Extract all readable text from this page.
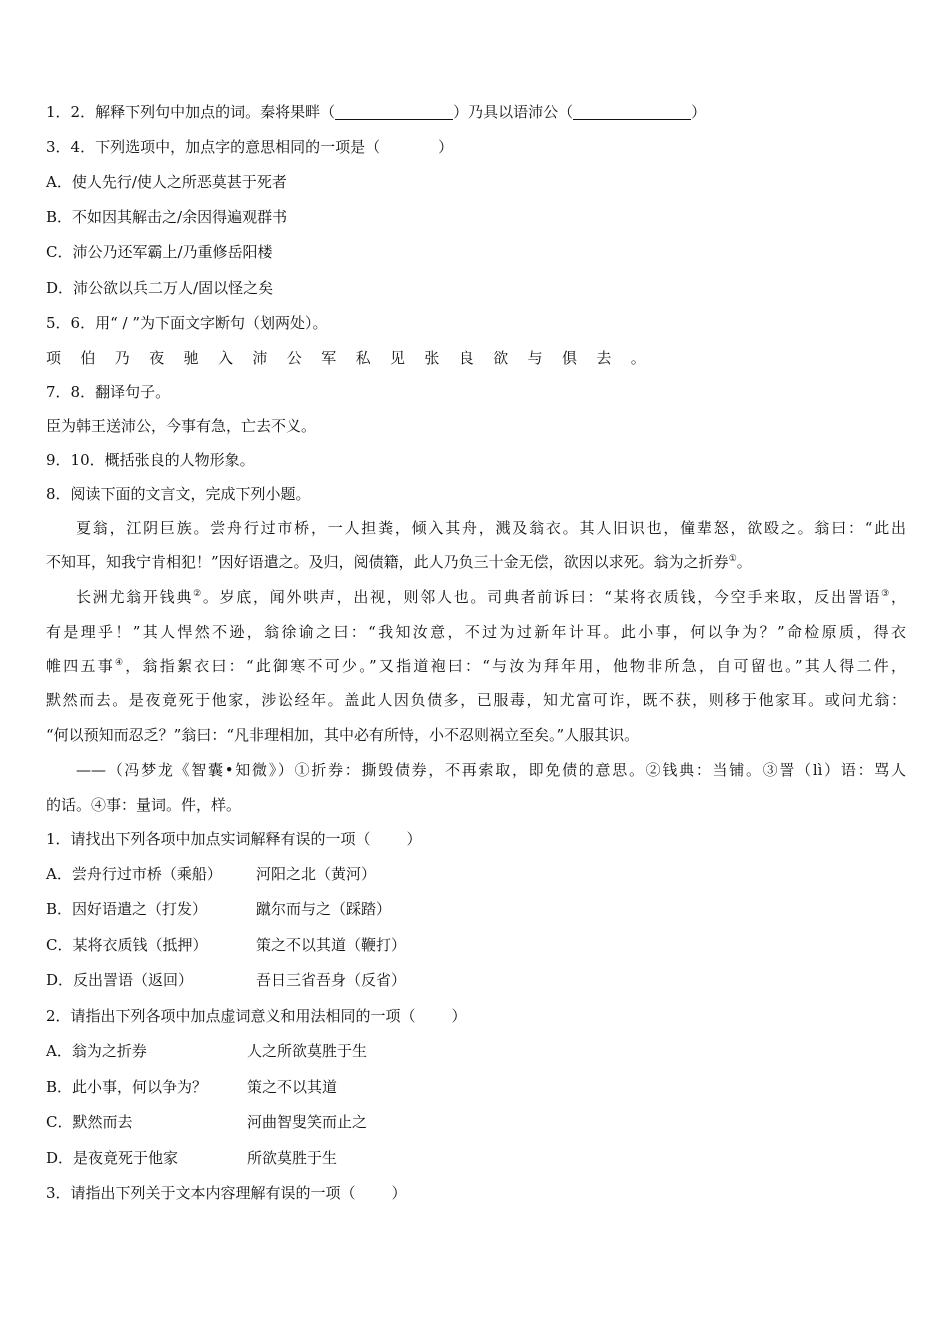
1．2．解释下列句中加点的词。秦将果畔（	）乃具以语沛公（	）
3．4．下列选项中，加点字的意思相同的一项是（	）
A．使人先行/使人之所恶莫甚于死者
B．不如因其解击之/余因得遍观群书
C．沛公乃还军霸上/乃重修岳阳楼
D．沛公欲以兵二万人/固以怪之矣
5．6．用“ / ”为下面文字断句（划两处）。
项伯乃夜驰入沛公军私见张良欲与俱去。
7．8．翻译句子。
臣为韩王送沛公，今事有急，亡去不义。
9．10．概括张良的人物形象。
8．阅读下面的文言文，完成下列小题。
夏翁，江阴巨族。尝舟行过市桥，一人担粪，倾入其舟，溅及翁衣。其人旧识也，僮辈怒，欲殴之。翁曰：“此出
不知耳，知我宁肯相犯！”因好语遣之。及归，阅债籍，此人乃负三十金无偿，欲因以求死。翁为之折券①。
长洲尤翁开钱典②。岁底，闻外哄声，出视，则邻人也。司典者前诉曰：“某将衣质钱，今空手来取，反出詈语③，
有是理乎！”其人悍然不逊，翁徐谕之曰：“我知汝意，不过为过新年计耳。此小事，何以争为？”命检原质，得衣
帷四五事④，翁指絮衣曰：“此御寒不可少。”又指道袍曰：“与汝为拜年用，他物非所急，自可留也。”其人得二件，
默然而去。是夜竟死于他家，涉讼经年。盖此人因负债多，已服毒，知尤富可诈，既不获，则移于他家耳。或问尤翁：
“何以预知而忍乏？”翁曰：“凡非理相加，其中必有所恃，小不忍则祸立至矣。”人服其识。
——（冯梦龙《智囊•知微》）①折券：撕毁债券，不再索取，即免债的意思。②钱典：当铺。③詈（lì）语：骂人
的话。④事：量词。件，样。
1．请找出下列各项中加点实词解释有误的一项（ ）
A．尝舟行过市桥（乘船） 河阳之北（黄河）
B．因好语遣之（打发）	蹴尔而与之（踩踏）
C．某将衣质钱（抵押）	策之不以其道（鞭打）
D．反出詈语（返回）	吾日三省吾身（反省）
2．请指出下列各项中加点虚词意义和用法相同的一项（ ）
A．翁为之折券	人之所欲莫胜于生
B．此小事，何以争为？	策之不以其道
C．默然而去	河曲智叟笑而止之
D．是夜竟死于他家	所欲莫胜于生
3．请指出下列关于文本内容理解有误的一项（ ）
